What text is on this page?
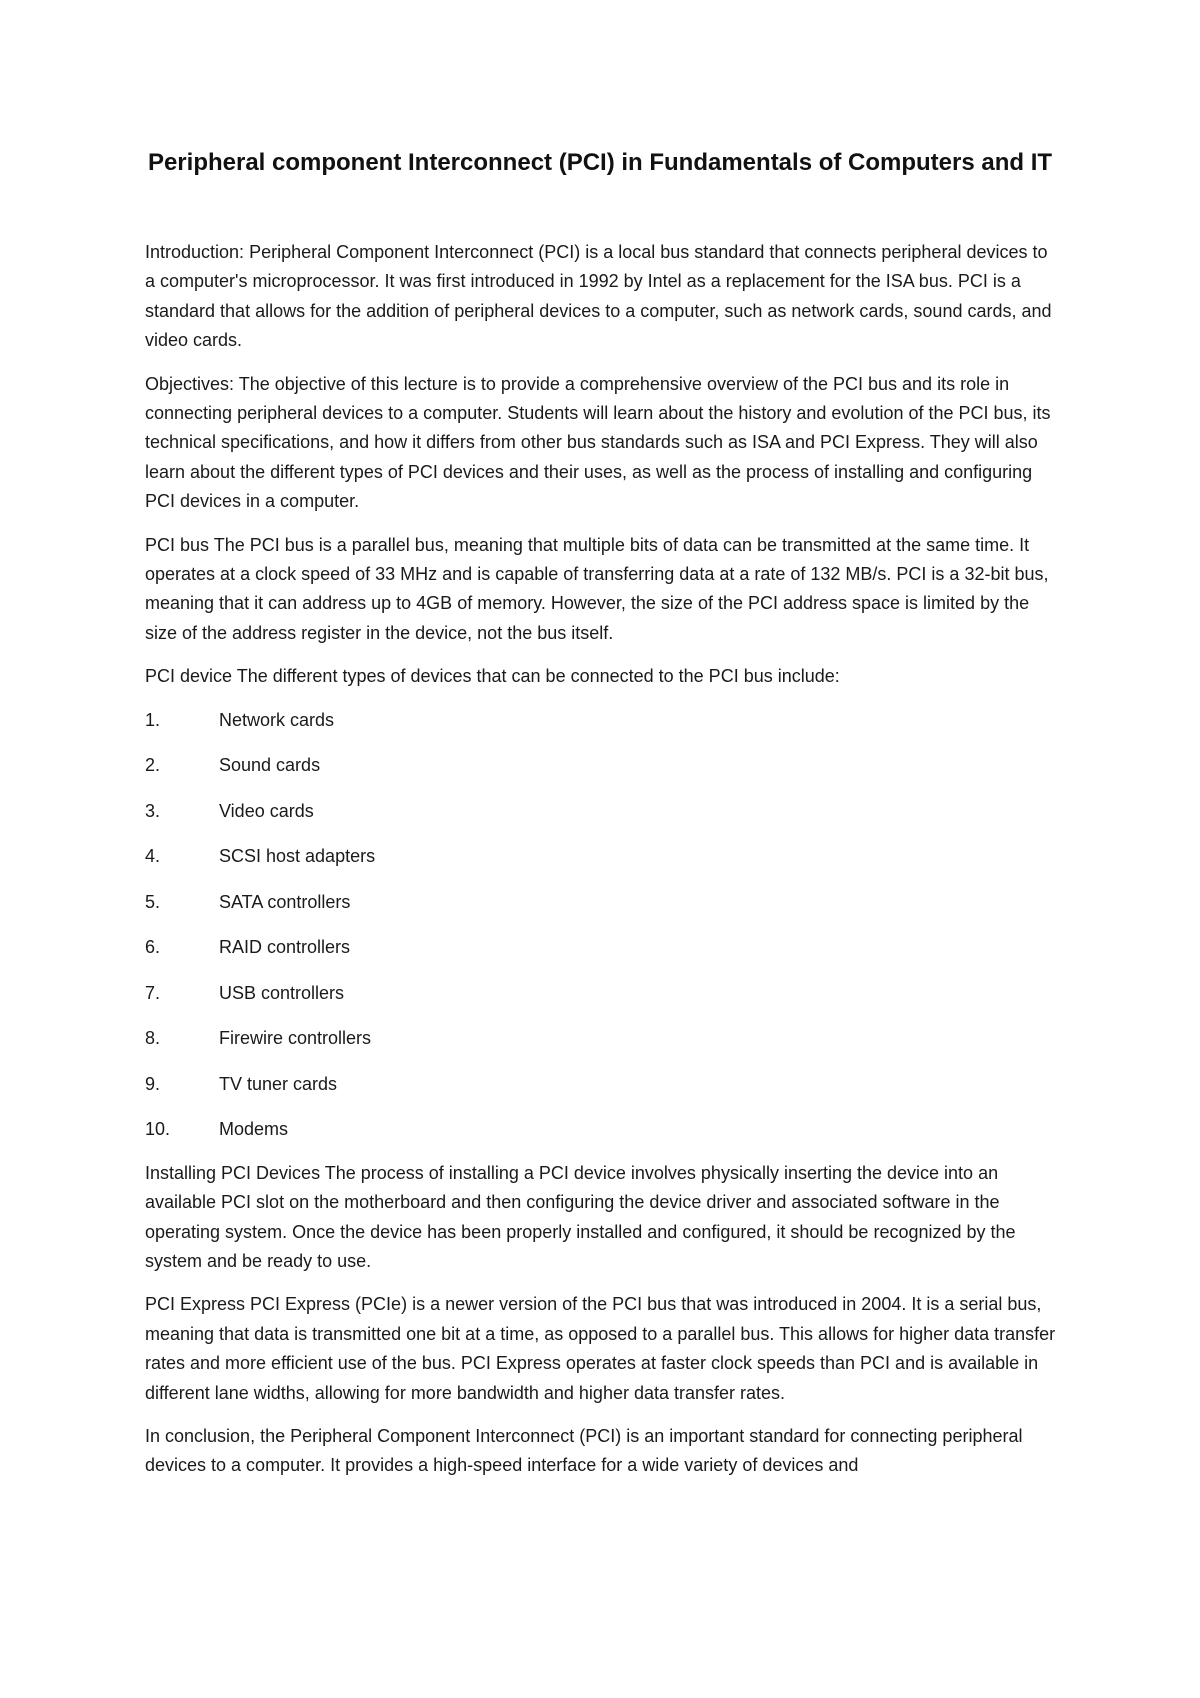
Peripheral component Interconnect (PCI) in Fundamentals of Computers and IT

Introduction: Peripheral Component Interconnect (PCI) is a local bus standard that connects peripheral devices to a computer's microprocessor. It was first introduced in 1992 by Intel as a replacement for the ISA bus. PCI is a standard that allows for the addition of peripheral devices to a computer, such as network cards, sound cards, and video cards.

Objectives: The objective of this lecture is to provide a comprehensive overview of the PCI bus and its role in connecting peripheral devices to a computer. Students will learn about the history and evolution of the PCI bus, its technical specifications, and how it differs from other bus standards such as ISA and PCI Express. They will also learn about the different types of PCI devices and their uses, as well as the process of installing and configuring PCI devices in a computer.

PCI bus The PCI bus is a parallel bus, meaning that multiple bits of data can be transmitted at the same time. It operates at a clock speed of 33 MHz and is capable of transferring data at a rate of 132 MB/s. PCI is a 32-bit bus, meaning that it can address up to 4GB of memory. However, the size of the PCI address space is limited by the size of the address register in the device, not the bus itself.

PCI device The different types of devices that can be connected to the PCI bus include:

1.	Network cards
2.	Sound cards
3.	Video cards
4.	SCSI host adapters
5.	SATA controllers
6.	RAID controllers
7.	USB controllers
8.	Firewire controllers
9.	TV tuner cards
10.	Modems

Installing PCI Devices The process of installing a PCI device involves physically inserting the device into an available PCI slot on the motherboard and then configuring the device driver and associated software in the operating system. Once the device has been properly installed and configured, it should be recognized by the system and be ready to use.

PCI Express PCI Express (PCIe) is a newer version of the PCI bus that was introduced in 2004. It is a serial bus, meaning that data is transmitted one bit at a time, as opposed to a parallel bus. This allows for higher data transfer rates and more efficient use of the bus. PCI Express operates at faster clock speeds than PCI and is available in different lane widths, allowing for more bandwidth and higher data transfer rates.

In conclusion, the Peripheral Component Interconnect (PCI) is an important standard for connecting peripheral devices to a computer. It provides a high-speed interface for a wide variety of devices and
